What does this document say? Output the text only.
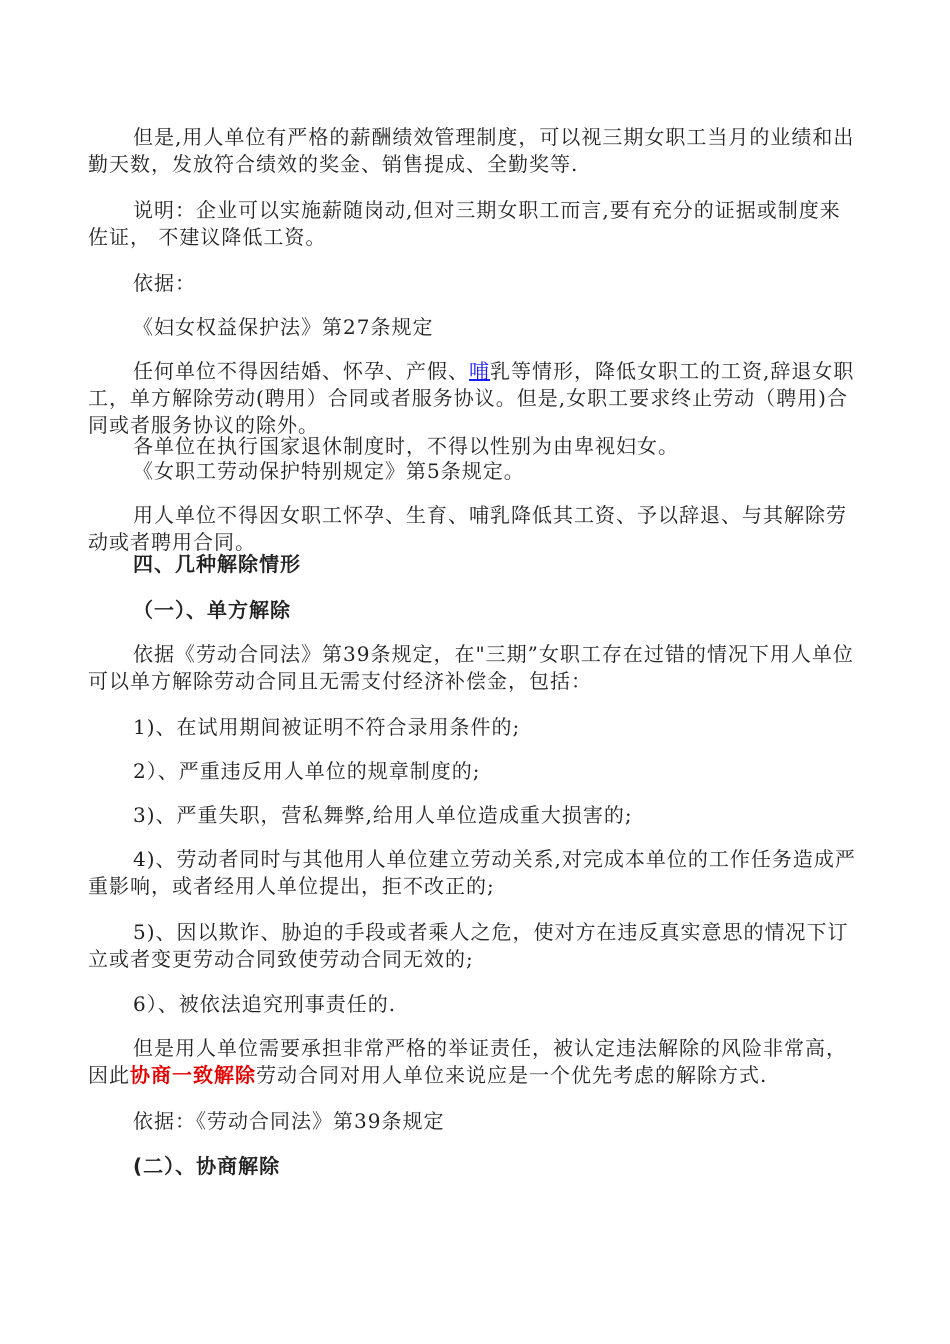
但是,用人单位有严格的薪酬绩效管理制度，可以视三期女职工当月的业绩和出勤天数，发放符合绩效的奖金、销售提成、全勤奖等.

说明：企业可以实施薪随岗动,但对三期女职工而言,要有充分的证据或制度来佐证， 不建议降低工资。

依据：

《妇女权益保护法》第27条规定

任何单位不得因结婚、怀孕、产假、哺乳等情形，降低女职工的工资,辞退女职工，单方解除劳动(聘用）合同或者服务协议。但是,女职工要求终止劳动（聘用)合同或者服务协议的除外。

各单位在执行国家退休制度时，不得以性别为由卑视妇女。

《女职工劳动保护特别规定》第5条规定。

用人单位不得因女职工怀孕、生育、哺乳降低其工资、予以辞退、与其解除劳动或者聘用合同。

四、几种解除情形

（一）、单方解除

依据《劳动合同法》第39条规定，在"三期”女职工存在过错的情况下用人单位可以单方解除劳动合同且无需支付经济补偿金，包括：

1)、在试用期间被证明不符合录用条件的;

2）、严重违反用人单位的规章制度的;

3)、严重失职，营私舞弊,给用人单位造成重大损害的;

4)、劳动者同时与其他用人单位建立劳动关系,对完成本单位的工作任务造成严重影响，或者经用人单位提出，拒不改正的;

5)、因以欺诈、胁迫的手段或者乘人之危，使对方在违反真实意思的情况下订立或者变更劳动合同致使劳动合同无效的;

6）、被依法追究刑事责任的.

但是用人单位需要承担非常严格的举证责任，被认定违法解除的风险非常高，因此协商一致解除劳动合同对用人单位来说应是一个优先考虑的解除方式.

依据：《劳动合同法》第39条规定

(二）、协商解除
